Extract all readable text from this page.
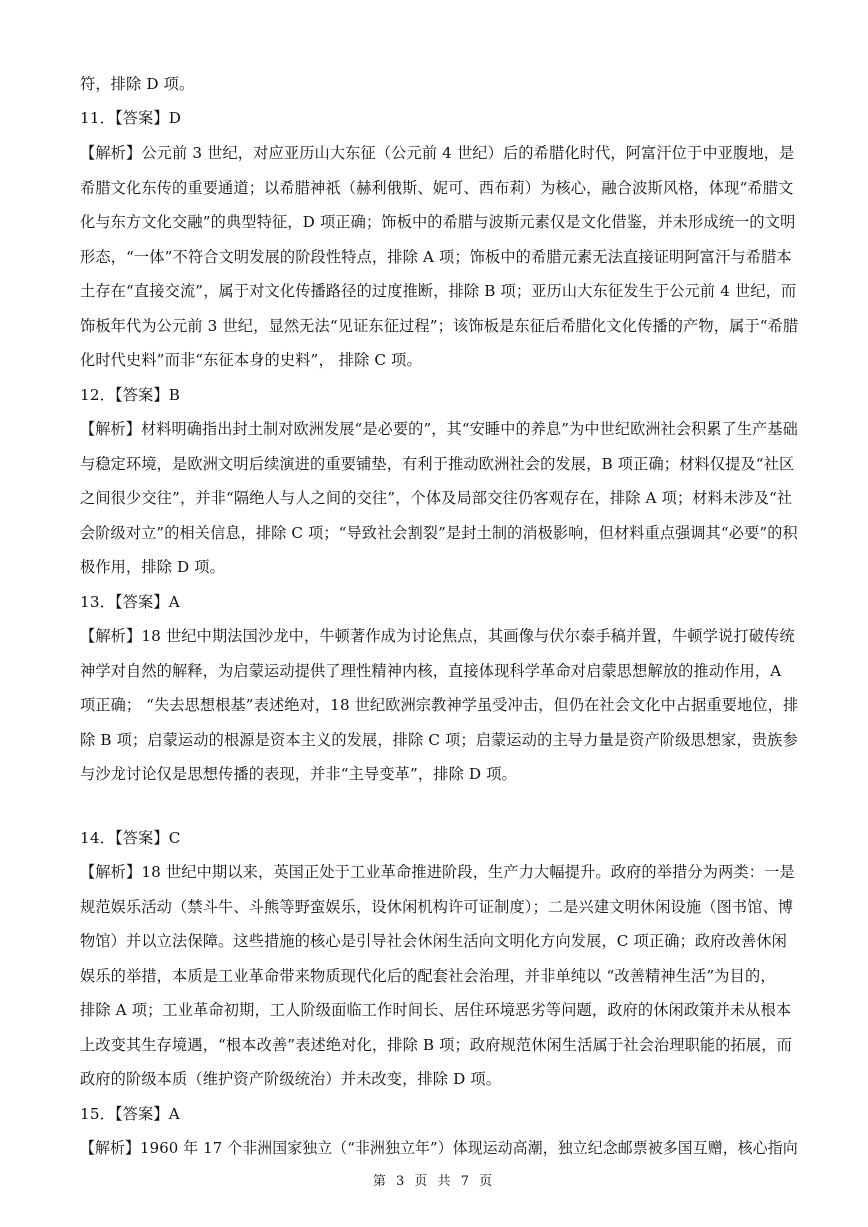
符，排除 D 项。
11．【答案】D
【解析】公元前 3 世纪，对应亚历山大东征（公元前 4 世纪）后的希腊化时代，阿富汗位于中亚腹地，是
希腊文化东传的重要通道；以希腊神祇（赫利俄斯、妮可、西布莉）为核心，融合波斯风格，体现“希腊文
化与东方文化交融”的典型特征，D 项正确；饰板中的希腊与波斯元素仅是文化借鉴，并未形成统一的文明
形态，“一体”不符合文明发展的阶段性特点，排除 A 项；饰板中的希腊元素无法直接证明阿富汗与希腊本
土存在“直接交流”，属于对文化传播路径的过度推断，排除 B 项；亚历山大东征发生于公元前 4 世纪，而
饰板年代为公元前 3 世纪，显然无法“见证东征过程”；该饰板是东征后希腊化文化传播的产物，属于“希腊
化时代史料”而非“东征本身的史料”， 排除 C 项。
12．【答案】B
【解析】材料明确指出封土制对欧洲发展“是必要的”，其“安睡中的养息”为中世纪欧洲社会积累了生产基础
与稳定环境，是欧洲文明后续演进的重要铺垫，有利于推动欧洲社会的发展，B 项正确；材料仅提及“社区
之间很少交往”，并非“隔绝人与人之间的交往”，个体及局部交往仍客观存在，排除 A 项；材料未涉及“社
会阶级对立”的相关信息，排除 C 项；“导致社会割裂”是封土制的消极影响，但材料重点强调其“必要”的积
极作用，排除 D 项。
13．【答案】A
【解析】18 世纪中期法国沙龙中，牛顿著作成为讨论焦点，其画像与伏尔泰手稿并置，牛顿学说打破传统
神学对自然的解释，为启蒙运动提供了理性精神内核，直接体现科学革命对启蒙思想解放的推动作用，A
项正确； “失去思想根基”表述绝对，18 世纪欧洲宗教神学虽受冲击，但仍在社会文化中占据重要地位，排
除 B 项；启蒙运动的根源是资本主义的发展，排除 C 项；启蒙运动的主导力量是资产阶级思想家，贵族参
与沙龙讨论仅是思想传播的表现，并非“主导变革”，排除 D 项。
14．【答案】C
【解析】18 世纪中期以来，英国正处于工业革命推进阶段，生产力大幅提升。政府的举措分为两类：一是
规范娱乐活动（禁斗牛、斗熊等野蛮娱乐，设休闲机构许可证制度）；二是兴建文明休闲设施（图书馆、博
物馆）并以立法保障。这些措施的核心是引导社会休闲生活向文明化方向发展，C 项正确；政府改善休闲
娱乐的举措，本质是工业革命带来物质现代化后的配套社会治理，并非单纯以 “改善精神生活”为目的，
排除 A 项；工业革命初期，工人阶级面临工作时间长、居住环境恶劣等问题，政府的休闲政策并未从根本
上改变其生存境遇，“根本改善”表述绝对化，排除 B 项；政府规范休闲生活属于社会治理职能的拓展，而
政府的阶级本质（维护资产阶级统治）并未改变，排除 D 项。
15．【答案】A
【解析】1960 年 17 个非洲国家独立（“非洲独立年”）体现运动高潮，独立纪念邮票被多国互赠，核心指向
第 3 页 共 7 页
